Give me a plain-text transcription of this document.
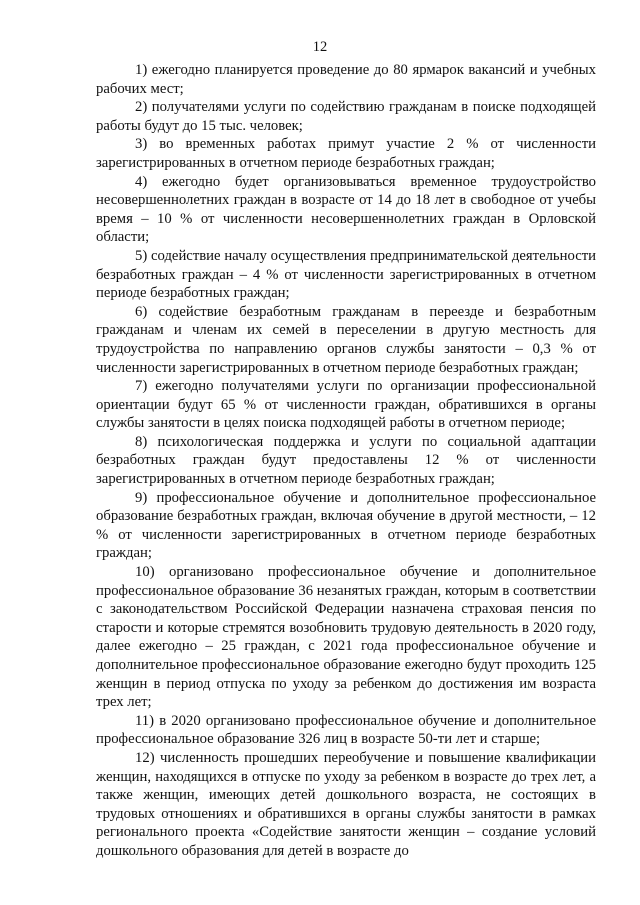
12

1) ежегодно планируется проведение до 80 ярмарок вакансий и учебных рабочих мест;

2) получателями услуги по содействию гражданам в поиске подходящей работы будут до 15 тыс. человек;

3) во временных работах примут участие 2 % от численности зарегистрированных в отчетном периоде безработных граждан;

4) ежегодно будет организовываться временное трудоустройство несовершеннолетних граждан в возрасте от 14 до 18 лет в свободное от учебы время – 10 % от численности несовершеннолетних граждан в Орловской области;

5) содействие началу осуществления предпринимательской деятельности безработных граждан – 4 % от численности зарегистрированных в отчетном периоде безработных граждан;

6) содействие безработным гражданам в переезде и безработным гражданам и членам их семей в переселении в другую местность для трудоустройства по направлению органов службы занятости – 0,3 % от численности зарегистрированных в отчетном периоде безработных граждан;

7) ежегодно получателями услуги по организации профессиональной ориентации будут 65 % от численности граждан, обратившихся в органы службы занятости в целях поиска подходящей работы в отчетном периоде;

8) психологическая поддержка и услуги по социальной адаптации безработных граждан будут предоставлены 12 % от численности зарегистрированных в отчетном периоде безработных граждан;

9) профессиональное обучение и дополнительное профессиональное образование безработных граждан, включая обучение в другой местности, – 12 % от численности зарегистрированных в отчетном периоде безработных граждан;

10) организовано профессиональное обучение и дополнительное профессиональное образование 36 незанятых граждан, которым в соответствии с законодательством Российской Федерации назначена страховая пенсия по старости и которые стремятся возобновить трудовую деятельность в 2020 году, далее ежегодно – 25 граждан, с 2021 года профессиональное обучение и дополнительное профессиональное образование ежегодно будут проходить 125 женщин в период отпуска по уходу за ребенком до достижения им возраста трех лет;

11) в 2020 организовано профессиональное обучение и дополнительное профессиональное образование 326 лиц в возрасте 50-ти лет и старше;

12) численность прошедших переобучение и повышение квалификации женщин, находящихся в отпуске по уходу за ребенком в возрасте до трех лет, а также женщин, имеющих детей дошкольного возраста, не состоящих в трудовых отношениях и обратившихся в органы службы занятости в рамках регионального проекта «Содействие занятости женщин – создание условий дошкольного образования для детей в возрасте до
